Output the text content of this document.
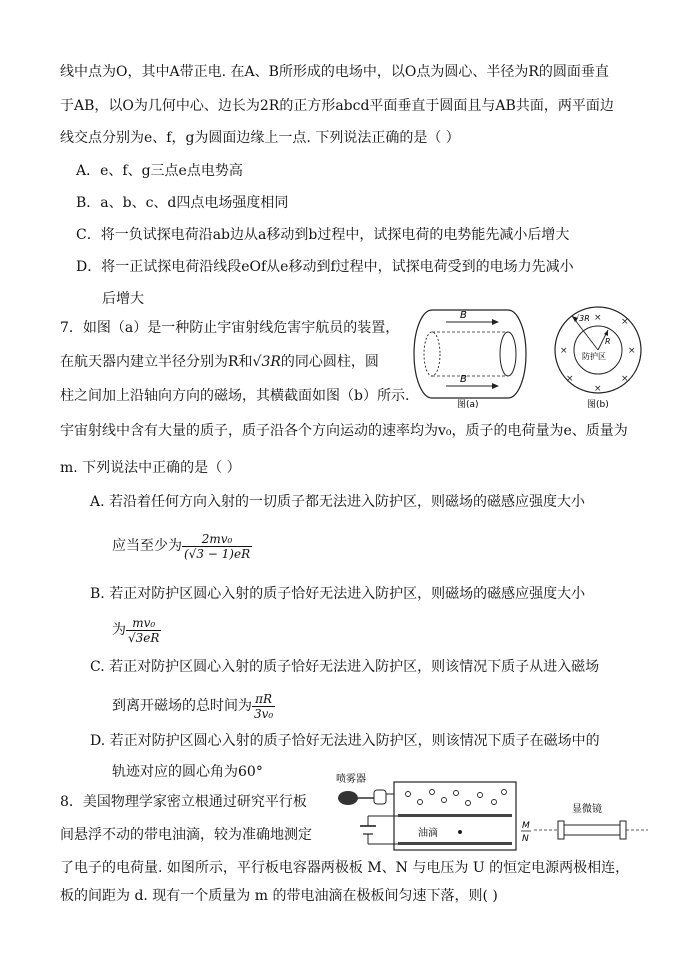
线中点为O，其中A带正电. 在A、B所形成的电场中，以O点为圆心、半径为R的圆面垂直
于AB，以O为几何中心、边长为2R的正方形abcd平面垂直于圆面且与AB共面，两平面边
线交点分别为e、f，g为圆面边缘上一点. 下列说法正确的是（ ）
A．e、f、g三点e点电势高
B．a、b、c、d四点电场强度相同
C．将一负试探电荷沿ab边从a移动到b过程中，试探电荷的电势能先减小后增大
D．将一正试探电荷沿线段eOf从e移动到f过程中，试探电荷受到的电场力先减小
后增大
7．如图（a）是一种防止宇宙射线危害宇航员的装置，
在航天器内建立半径分别为R和√3R的同心圆柱，圆
柱之间加上沿轴向方向的磁场，其横截面如图（b）所示.
宇宙射线中含有大量的质子，质子沿各个方向运动的速率均为v₀，质子的电荷量为e、质量为
m. 下列说法中正确的是（ ）
A. 若沿着任何方向入射的一切质子都无法进入防护区，则磁场的磁感应强度大小
应当至少为 $\frac{\text{2mv₀}}{(√3 - 1)eR}$
B. 若正对防护区圆心入射的质子恰好无法进入防护区，则磁场的磁感应强度大小
为 $\frac{\text{mv₀}}{√3eR}$
C. 若正对防护区圆心入射的质子恰好无法进入防护区，则该情况下质子从进入磁场
到离开磁场的总时间为 $\frac{\pi R}{\text{3v₀}}$
D. 若正对防护区圆心入射的质子恰好无法进入防护区，则该情况下质子在磁场中的
轨迹对应的圆心角为60°
B
B
图(a)
√3R
R
防护区
× ×
×
×
×
×
×
图(b)
8．美国物理学家密立根通过研究平行板
间悬浮不动的带电油滴，较为准确地测定
了电子的电荷量. 如图所示，平行板电容器两极板 M、N 与电压为 U 的恒定电源两极相连，
板的间距为 d. 现有一个质量为 m 的带电油滴在极板间匀速下落，则( )
喷雾器
油滴
M
N
显微镜
